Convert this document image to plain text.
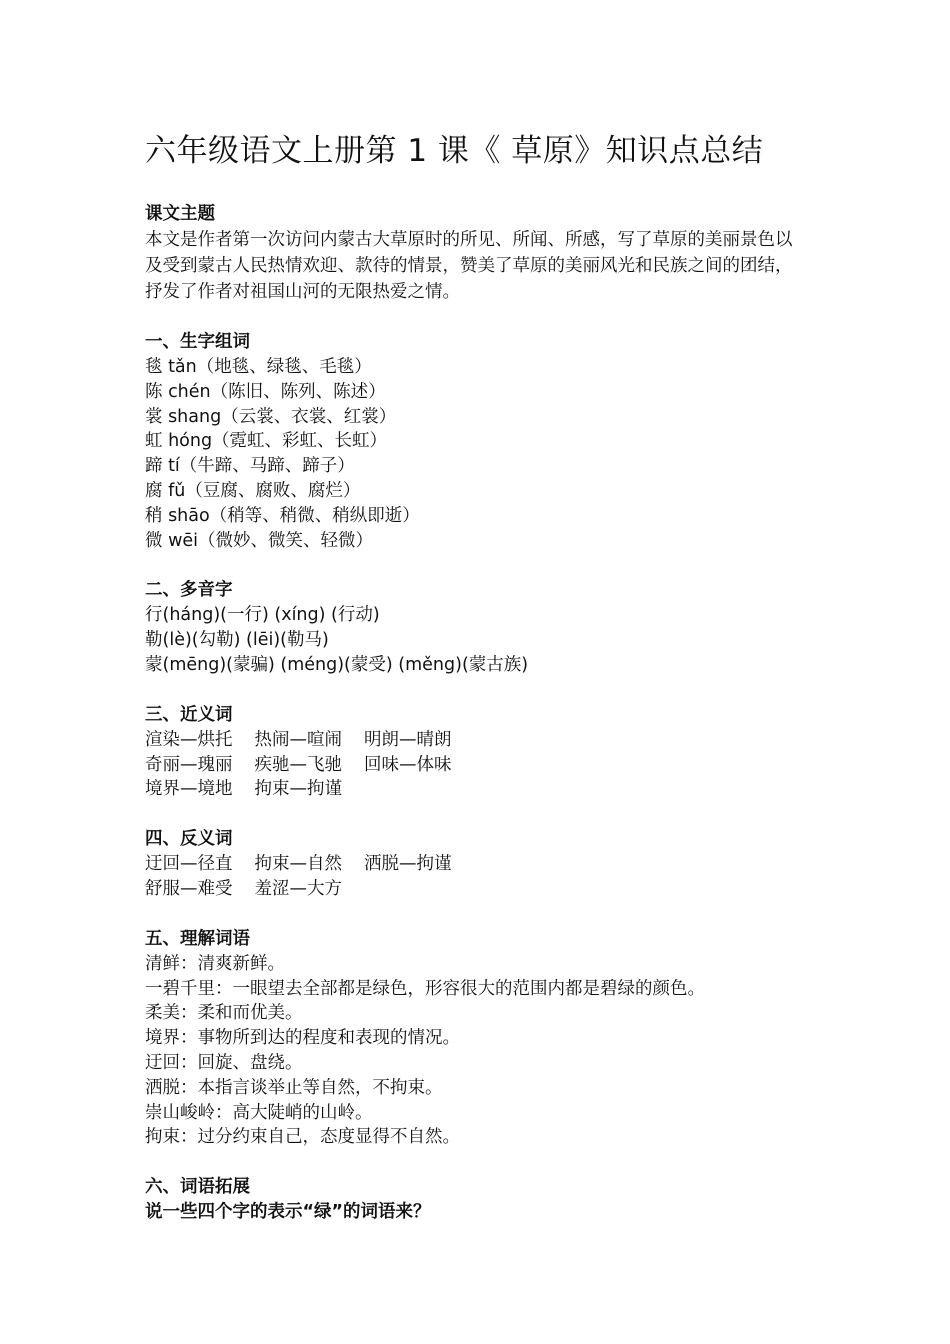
六年级语文上册第 1 课《 草原》知识点总结

课文主题

本文是作者第一次访问内蒙古大草原时的所见、所闻、所感，写了草原的美丽景色以及受到蒙古人民热情欢迎、款待的情景，赞美了草原的美丽风光和民族之间的团结，抒发了作者对祖国山河的无限热爱之情。

一、生字组词

毯 tǎn（地毯、绿毯、毛毯）

陈 chén（陈旧、陈列、陈述）

裳 shang（云裳、衣裳、红裳）

虹 hóng（霓虹、彩虹、长虹）

蹄 tí（牛蹄、马蹄、蹄子）

腐 fǔ（豆腐、腐败、腐烂）

稍 shāo（稍等、稍微、稍纵即逝）

微 wēi（微妙、微笑、轻微）

二、多音字

行(háng)(一行) (xíng) (行动)

勒(lè)(勾勒) (lēi)(勒马)

蒙(mēng)(蒙骗) (méng)(蒙受) (měng)(蒙古族)

三、近义词

渲染—烘托 热闹—喧闹 明朗—晴朗
奇丽—瑰丽 疾驰—飞驰 回味—体味
境界—境地 拘束—拘谨

四、反义词

迂回—径直 拘束—自然 洒脱—拘谨
舒服—难受 羞涩—大方

五、理解词语

清鲜：清爽新鲜。

一碧千里：一眼望去全部都是绿色，形容很大的范围内都是碧绿的颜色。

柔美：柔和而优美。

境界：事物所到达的程度和表现的情况。

迂回：回旋、盘绕。

洒脱：本指言谈举止等自然，不拘束。

崇山峻岭：高大陡峭的山岭。

拘束：过分约束自己，态度显得不自然。

六、词语拓展

说一些四个字的表示“绿”的词语来？
